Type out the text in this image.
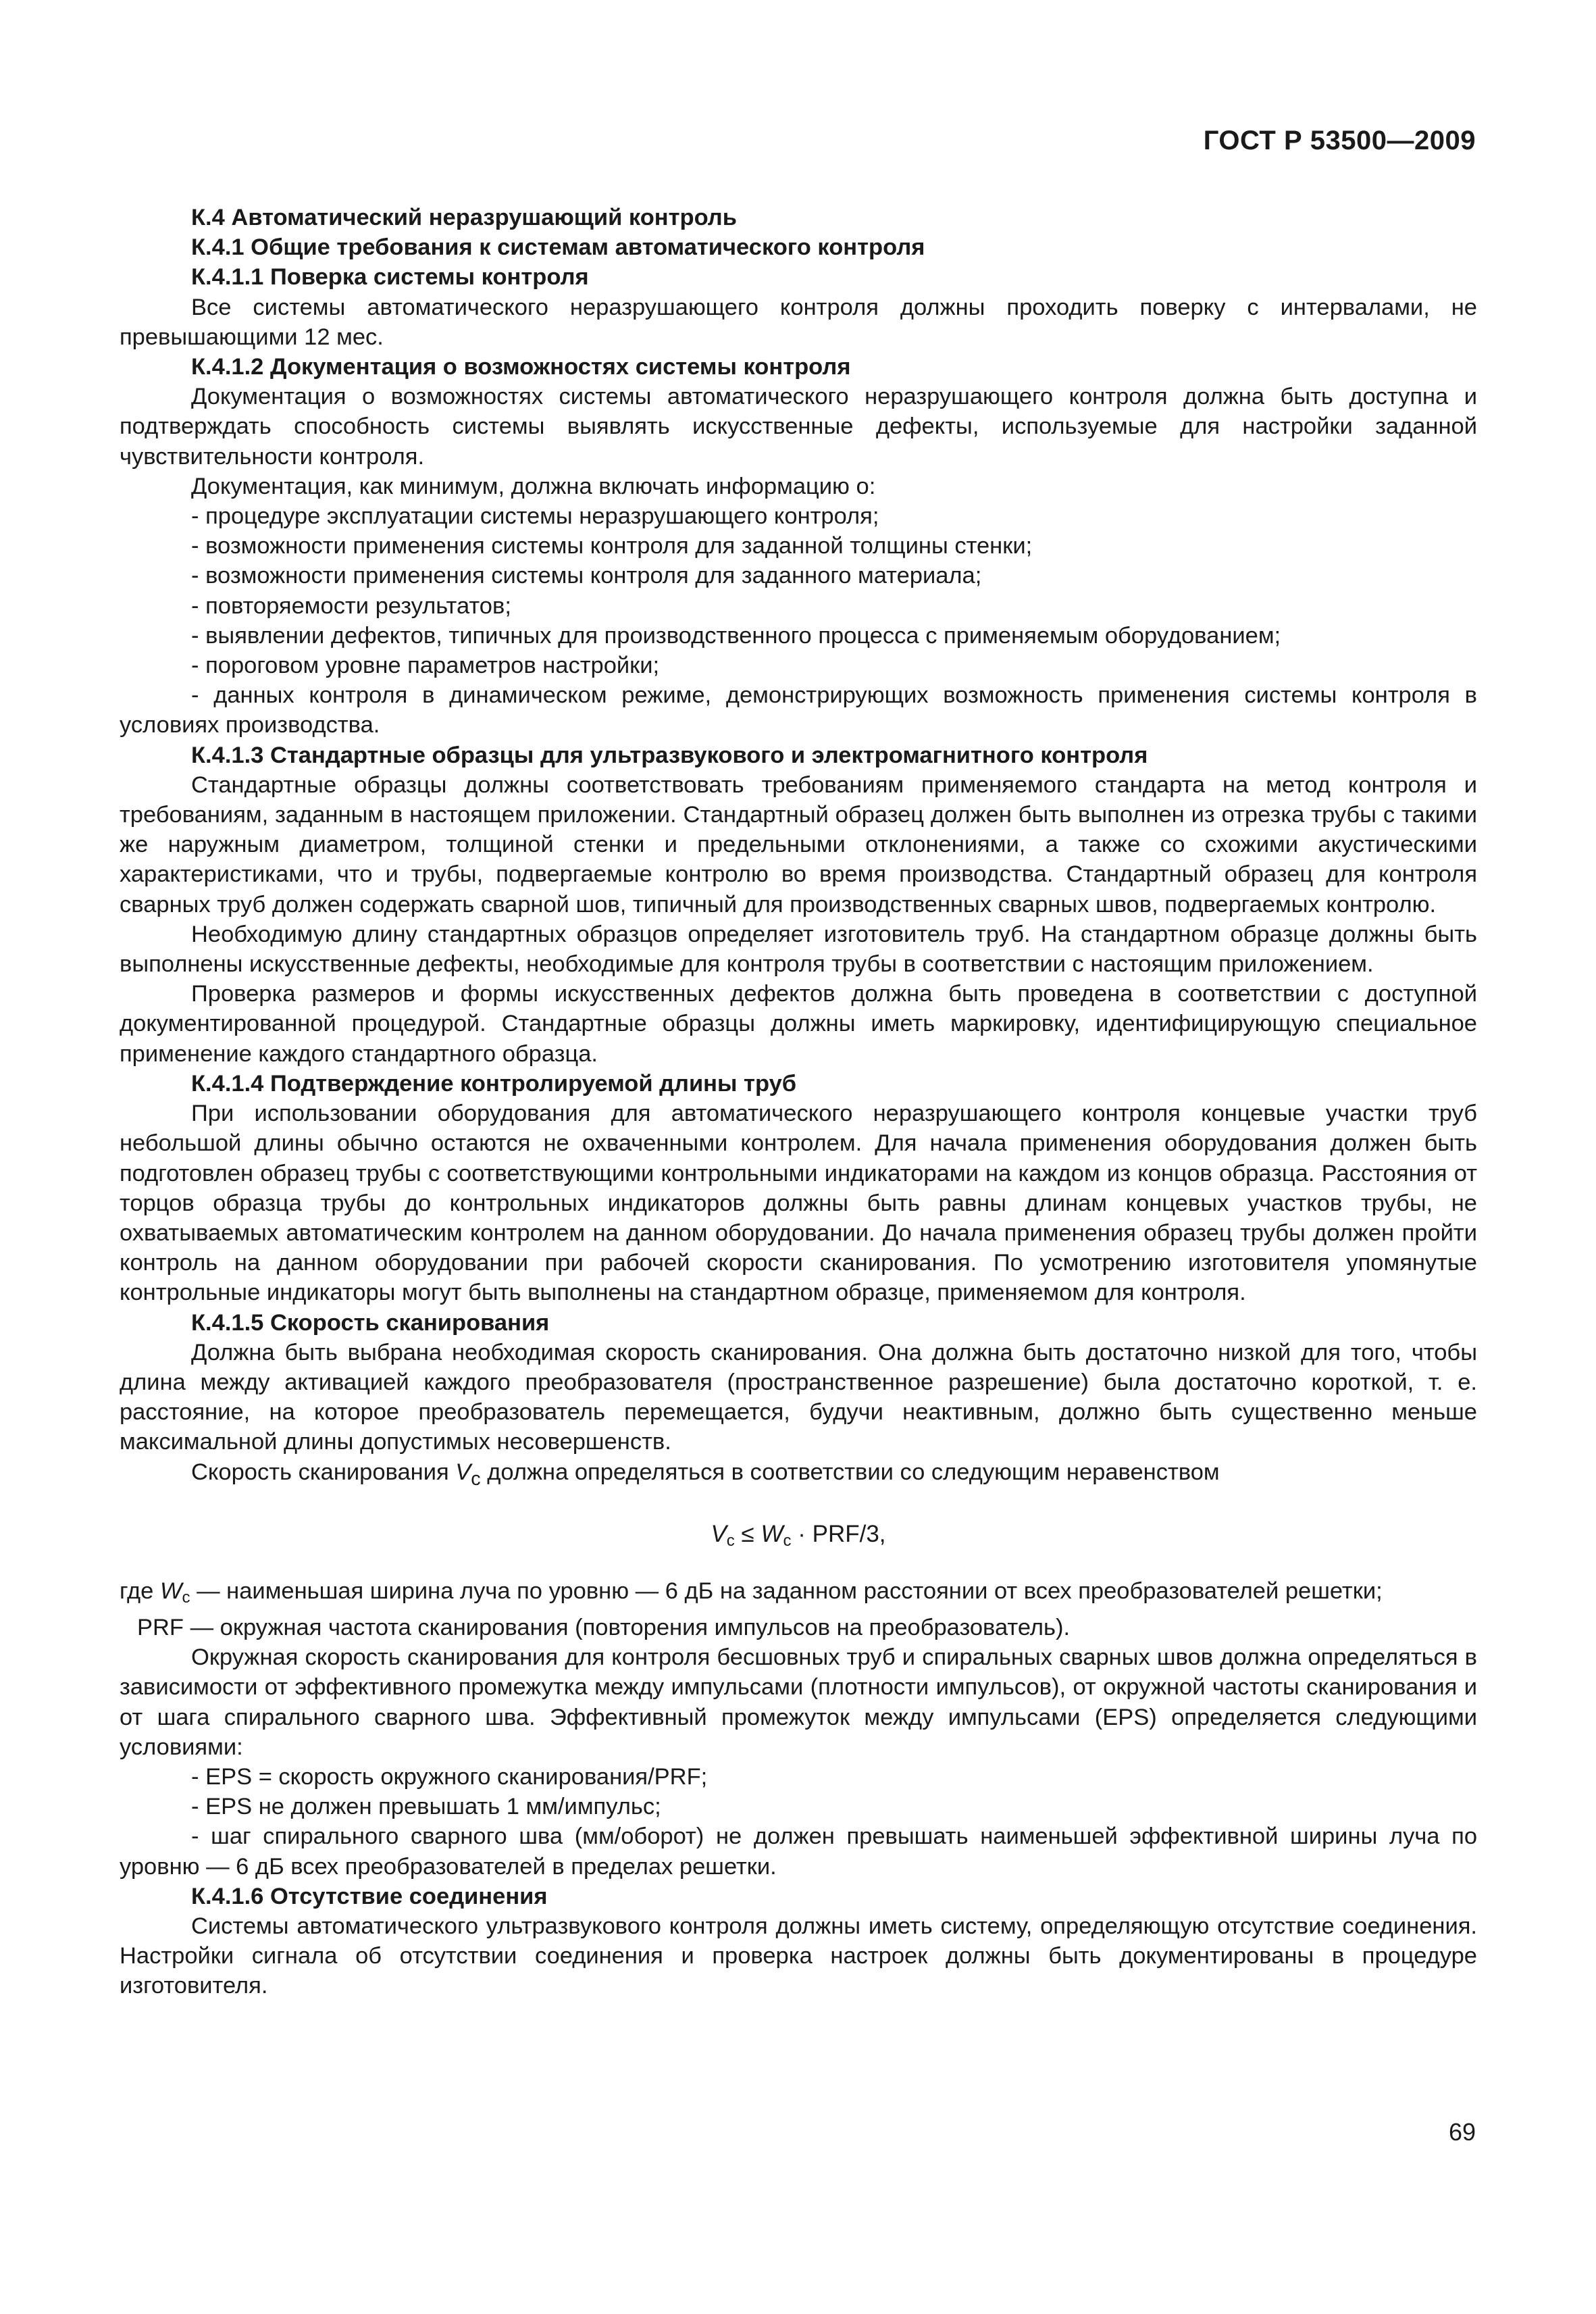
ГОСТ Р 53500—2009

К.4 Автоматический неразрушающий контроль

К.4.1 Общие требования к системам автоматического контроля

К.4.1.1 Поверка системы контроля

Все системы автоматического неразрушающего контроля должны проходить поверку с интервалами, не превышающими 12 мес.

К.4.1.2 Документация о возможностях системы контроля

Документация о возможностях системы автоматического неразрушающего контроля должна быть доступна и подтверждать способность системы выявлять искусственные дефекты, используемые для настройки заданной чувствительности контроля.

Документация, как минимум, должна включать информацию о:

- процедуре эксплуатации системы неразрушающего контроля;

- возможности применения системы контроля для заданной толщины стенки;

- возможности применения системы контроля для заданного материала;

- повторяемости результатов;

- выявлении дефектов, типичных для производственного процесса с применяемым оборудованием;

- пороговом уровне параметров настройки;

- данных контроля в динамическом режиме, демонстрирующих возможность применения системы контроля в условиях производства.

К.4.1.3 Стандартные образцы для ультразвукового и электромагнитного контроля

Стандартные образцы должны соответствовать требованиям применяемого стандарта на метод контроля и требованиям, заданным в настоящем приложении. Стандартный образец должен быть выполнен из отрезка трубы с такими же наружным диаметром, толщиной стенки и предельными отклонениями, а также со схожими акустическими характеристиками, что и трубы, подвергаемые контролю во время производства. Стандартный образец для контроля сварных труб должен содержать сварной шов, типичный для производственных сварных швов, подвергаемых контролю.

Необходимую длину стандартных образцов определяет изготовитель труб. На стандартном образце должны быть выполнены искусственные дефекты, необходимые для контроля трубы в соответствии с настоящим приложением.

Проверка размеров и формы искусственных дефектов должна быть проведена в соответствии с доступной документированной процедурой. Стандартные образцы должны иметь маркировку, идентифицирующую специальное применение каждого стандартного образца.

К.4.1.4 Подтверждение контролируемой длины труб

При использовании оборудования для автоматического неразрушающего контроля концевые участки труб небольшой длины обычно остаются не охваченными контролем. Для начала применения оборудования должен быть подготовлен образец трубы с соответствующими контрольными индикаторами на каждом из концов образца. Расстояния от торцов образца трубы до контрольных индикаторов должны быть равны длинам концевых участков трубы, не охватываемых автоматическим контролем на данном оборудовании. До начала применения образец трубы должен пройти контроль на данном оборудовании при рабочей скорости сканирования. По усмотрению изготовителя упомянутые контрольные индикаторы могут быть выполнены на стандартном образце, применяемом для контроля.

К.4.1.5 Скорость сканирования

Должна быть выбрана необходимая скорость сканирования. Она должна быть достаточно низкой для того, чтобы длина между активацией каждого преобразователя (пространственное разрешение) была достаточно короткой, т. е. расстояние, на которое преобразователь перемещается, будучи неактивным, должно быть существенно меньше максимальной длины допустимых несовершенств.

Скорость сканирования $V_c$ должна определяться в соответствии со следующим неравенством

$V_c \le W_c \cdot PRF/3$,

где $W_c$ — наименьшая ширина луча по уровню — 6 дБ на заданном расстоянии от всех преобразователей решетки;

PRF — окружная частота сканирования (повторения импульсов на преобразователь).

Окружная скорость сканирования для контроля бесшовных труб и спиральных сварных швов должна определяться в зависимости от эффективного промежутка между импульсами (плотности импульсов), от окружной частоты сканирования и от шага спирального сварного шва. Эффективный промежуток между импульсами (EPS) определяется следующими условиями:

- EPS = скорость окружного сканирования/PRF;

- EPS не должен превышать 1 мм/импульс;

- шаг спирального сварного шва (мм/оборот) не должен превышать наименьшей эффективной ширины луча по уровню — 6 дБ всех преобразователей в пределах решетки.

К.4.1.6 Отсутствие соединения

Системы автоматического ультразвукового контроля должны иметь систему, определяющую отсутствие соединения. Настройки сигнала об отсутствии соединения и проверка настроек должны быть документированы в процедуре изготовителя.

69
